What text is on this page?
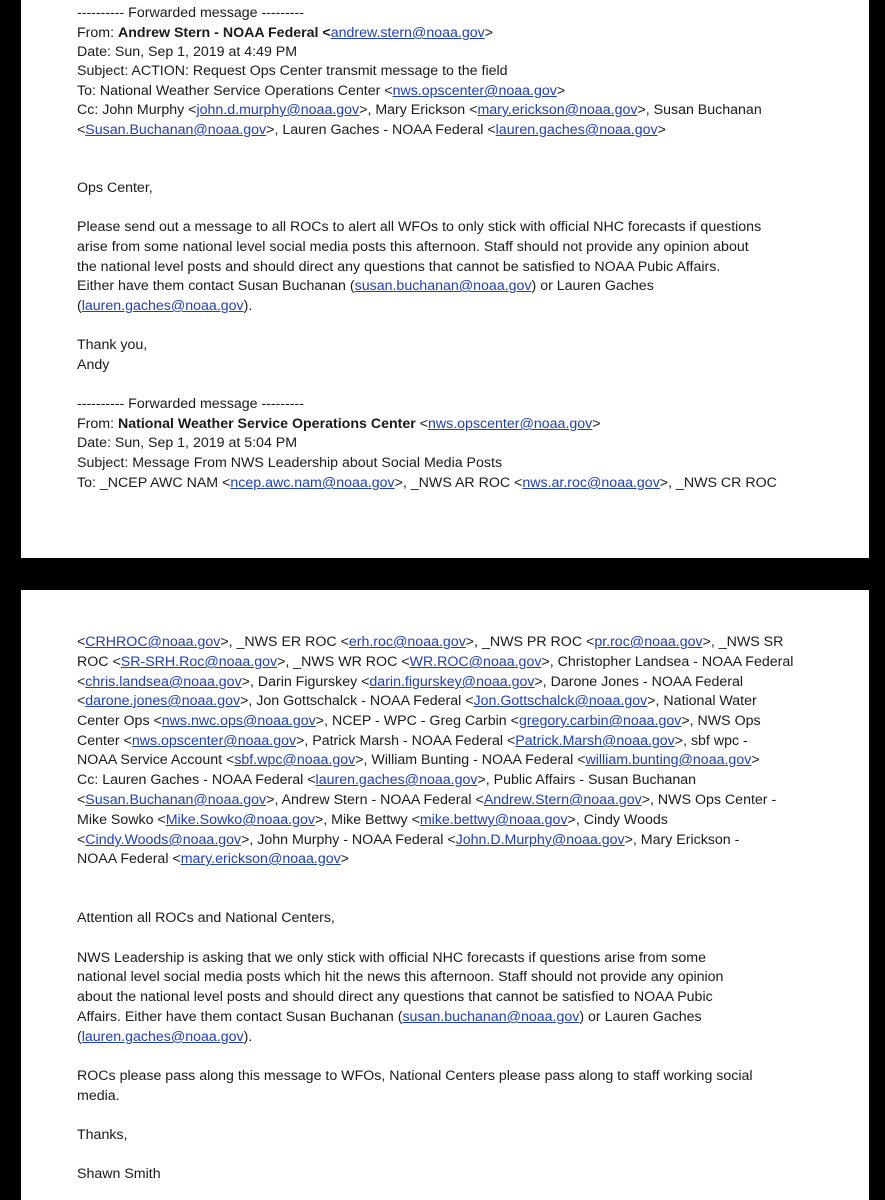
---------- Forwarded message ---------
From: Andrew Stern - NOAA Federal <andrew.stern@noaa.gov>
Date: Sun, Sep 1, 2019 at 4:49 PM
Subject: ACTION: Request Ops Center transmit message to the field
To: National Weather Service Operations Center <nws.opscenter@noaa.gov>
Cc: John Murphy <john.d.murphy@noaa.gov>, Mary Erickson <mary.erickson@noaa.gov>, Susan Buchanan
<Susan.Buchanan@noaa.gov>, Lauren Gaches - NOAA Federal <lauren.gaches@noaa.gov>
Ops Center,
Please send out a message to all ROCs to alert all WFOs to only stick with official NHC forecasts if questions
arise from some national level social media posts this afternoon. Staff should not provide any opinion about
the national level posts and should direct any questions that cannot be satisfied to NOAA Pubic Affairs.
Either have them contact Susan Buchanan (susan.buchanan@noaa.gov) or Lauren Gaches
(lauren.gaches@noaa.gov).
Thank you,
Andy
---------- Forwarded message ---------
From: National Weather Service Operations Center <nws.opscenter@noaa.gov>
Date: Sun, Sep 1, 2019 at 5:04 PM
Subject: Message From NWS Leadership about Social Media Posts
To: _NCEP AWC NAM <ncep.awc.nam@noaa.gov>, _NWS AR ROC <nws.ar.roc@noaa.gov>, _NWS CR ROC
<CRHROC@noaa.gov>, _NWS ER ROC <erh.roc@noaa.gov>, _NWS PR ROC <pr.roc@noaa.gov>, _NWS SR
ROC <SR-SRH.Roc@noaa.gov>, _NWS WR ROC <WR.ROC@noaa.gov>, Christopher Landsea - NOAA Federal
<chris.landsea@noaa.gov>, Darin Figurskey <darin.figurskey@noaa.gov>, Darone Jones - NOAA Federal
<darone.jones@noaa.gov>, Jon Gottschalck - NOAA Federal <Jon.Gottschalck@noaa.gov>, National Water
Center Ops <nws.nwc.ops@noaa.gov>, NCEP - WPC - Greg Carbin <gregory.carbin@noaa.gov>, NWS Ops
Center <nws.opscenter@noaa.gov>, Patrick Marsh - NOAA Federal <Patrick.Marsh@noaa.gov>, sbf wpc -
NOAA Service Account <sbf.wpc@noaa.gov>, William Bunting - NOAA Federal <william.bunting@noaa.gov>
Cc: Lauren Gaches - NOAA Federal <lauren.gaches@noaa.gov>, Public Affairs - Susan Buchanan
<Susan.Buchanan@noaa.gov>, Andrew Stern - NOAA Federal <Andrew.Stern@noaa.gov>, NWS Ops Center -
Mike Sowko <Mike.Sowko@noaa.gov>, Mike Bettwy <mike.bettwy@noaa.gov>, Cindy Woods
<Cindy.Woods@noaa.gov>, John Murphy - NOAA Federal <John.D.Murphy@noaa.gov>, Mary Erickson -
NOAA Federal <mary.erickson@noaa.gov>
Attention all ROCs and National Centers,
NWS Leadership is asking that we only stick with official NHC forecasts if questions arise from some
national level social media posts which hit the news this afternoon. Staff should not provide any opinion
about the national level posts and should direct any questions that cannot be satisfied to NOAA Pubic
Affairs. Either have them contact Susan Buchanan (susan.buchanan@noaa.gov) or Lauren Gaches
(lauren.gaches@noaa.gov).
ROCs please pass along this message to WFOs, National Centers please pass along to staff working social
media.
Thanks,
Shawn Smith
